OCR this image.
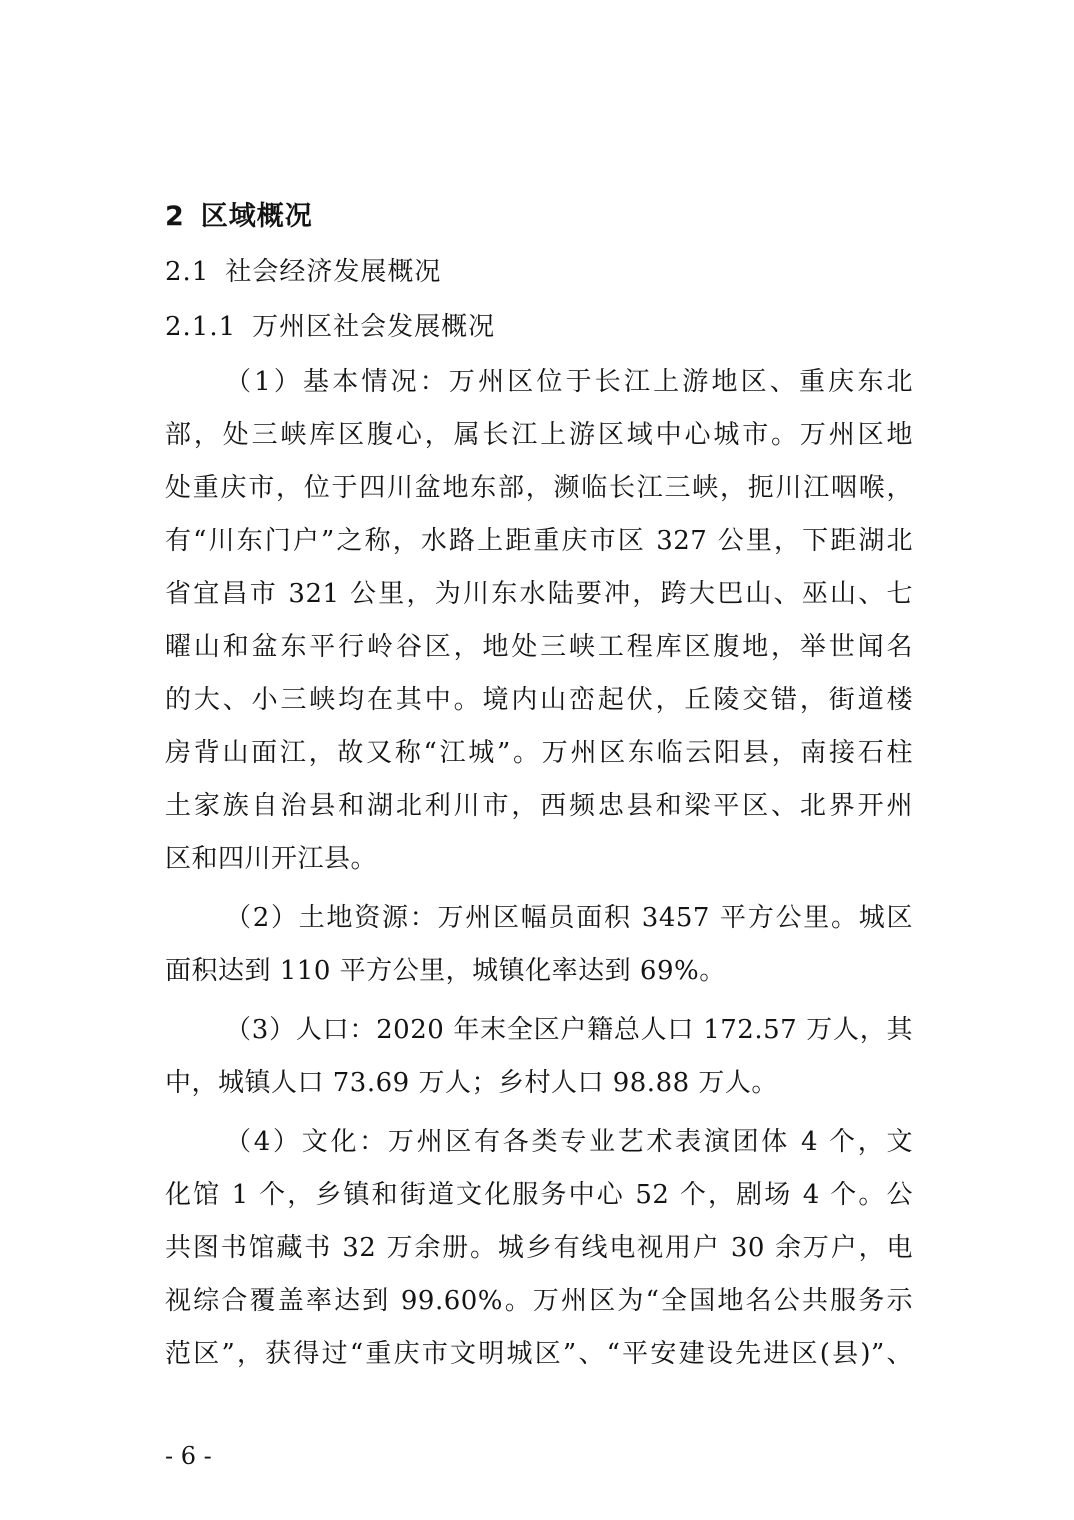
2 区域概况
2.1 社会经济发展概况
2.1.1 万州区社会发展概况
（1）基本情况：万州区位于长江上游地区、重庆东北
部，处三峡库区腹心，属长江上游区域中心城市。万州区地
处重庆市，位于四川盆地东部，濒临长江三峡，扼川江咽喉，
有“川东门户”之称，水路上距重庆市区 327 公里，下距湖北
省宜昌市 321 公里，为川东水陆要冲，跨大巴山、巫山、七
曜山和盆东平行岭谷区，地处三峡工程库区腹地，举世闻名
的大、小三峡均在其中。境内山峦起伏，丘陵交错，街道楼
房背山面江，故又称“江城”。万州区东临云阳县，南接石柱
土家族自治县和湖北利川市，西频忠县和梁平区、北界开州
区和四川开江县。
（2）土地资源：万州区幅员面积 3457 平方公里。城区
面积达到 110 平方公里，城镇化率达到 69%。
（3）人口：2020 年末全区户籍总人口 172.57 万人，其
中，城镇人口 73.69 万人；乡村人口 98.88 万人。
（4）文化：万州区有各类专业艺术表演团体 4 个，文
化馆 1 个，乡镇和街道文化服务中心 52 个，剧场 4 个。公
共图书馆藏书 32 万余册。城乡有线电视用户 30 余万户，电
视综合覆盖率达到 99.60%。万州区为“全国地名公共服务示
范区”，获得过“重庆市文明城区”、“平安建设先进区(县)”、
- 6 -
